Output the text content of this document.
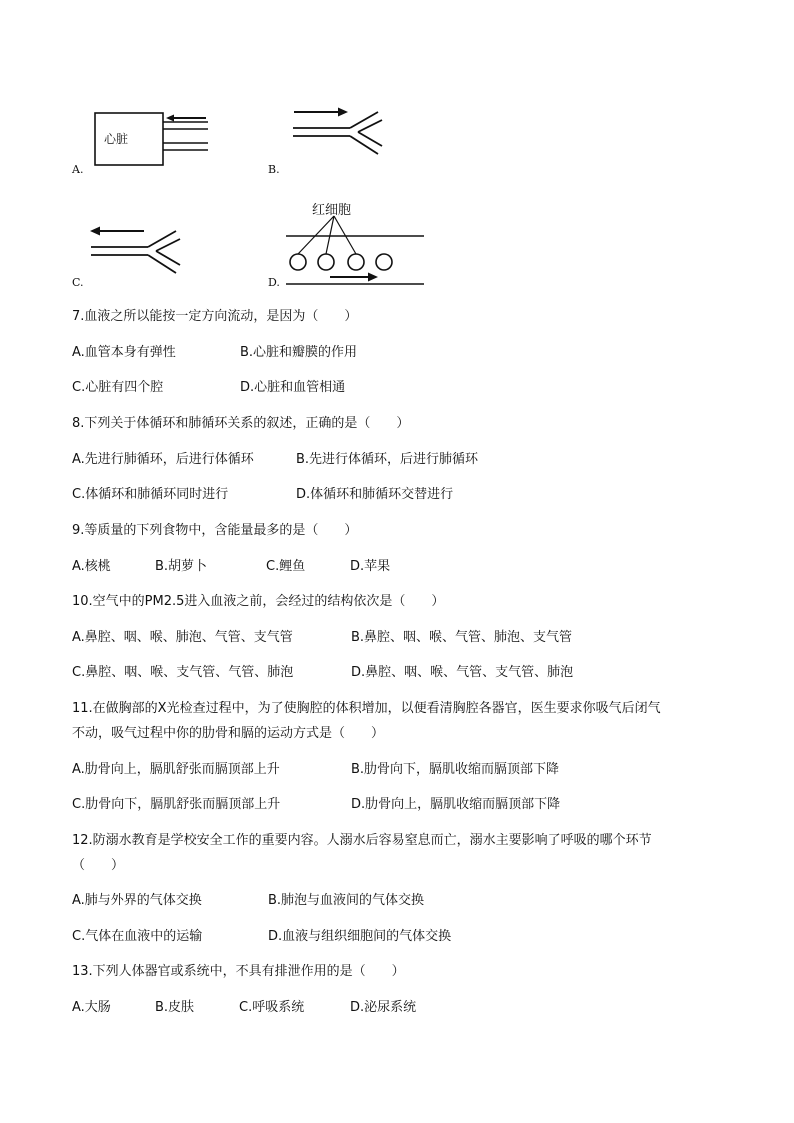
A.
心脏
B.
C.	D.
红细胞
7.血液之所以能按一定方向流动，是因为（　　）
A.血管本身有弹性	B.心脏和瓣膜的作用
C.心脏有四个腔	D.心脏和血管相通
8.下列关于体循环和肺循环关系的叙述，正确的是（　　）
A.先进行肺循环，后进行体循环	B.先进行体循环，后进行肺循环
C.体循环和肺循环同时进行	D.体循环和肺循环交替进行
9.等质量的下列食物中，含能量最多的是（　　）
A.核桃	B.胡萝卜	C.鲤鱼	D.苹果
10.空气中的PM2.5进入血液之前，会经过的结构依次是（　　）
A.鼻腔、咽、喉、肺泡、气管、支气管	B.鼻腔、咽、喉、气管、肺泡、支气管
C.鼻腔、咽、喉、支气管、气管、肺泡	D.鼻腔、咽、喉、气管、支气管、肺泡
11.在做胸部的X光检查过程中，为了使胸腔的体积增加，以便看清胸腔各器官，医生要求你吸气后闭气
不动，吸气过程中你的肋骨和膈的运动方式是（　　）
A.肋骨向上，膈肌舒张而膈顶部上升	B.肋骨向下，膈肌收缩而膈顶部下降
C.肋骨向下，膈肌舒张而膈顶部上升	D.肋骨向上，膈肌收缩而膈顶部下降
12.防溺水教育是学校安全工作的重要内容。人溺水后容易窒息而亡，溺水主要影响了呼吸的哪个环节
（　　）
A.肺与外界的气体交换	B.肺泡与血液间的气体交换
C.气体在血液中的运输	D.血液与组织细胞间的气体交换
13.下列人体器官或系统中，不具有排泄作用的是（　　）
A.大肠	B.皮肤	C.呼吸系统	D.泌尿系统
